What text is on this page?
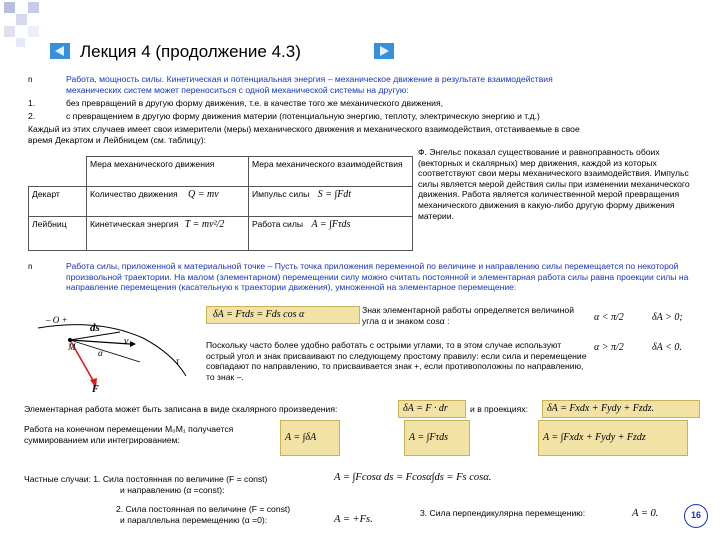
Лекция 4 (продолжение 4.3)
n	Работа, мощность силы. Кинетическая и потенциальная энергия – механическое движение в результате взаимодействия
механических систем может переноситься с одной механической системы на другую:
1.	без превращений в другую форму движения, т.е. в качестве того же механического движения,
2.	с превращением в другую форму движения материи (потенциальную энергию, теплоту, электрическую энергию и т.д.)
Каждый из этих случаев имеет свои измерители (меры) механического движения и механического взаимодействия, отстаиваемые в свое
время Декартом и Лейбницем (см. таблицу):
	Мера механического движения	Мера механического взаимодействия
Декарт	Количество движения Q = mv	Импульс силы S = ∫Fdt
Лейбниц	Кинетическая энергия T = mv²/2	Работа силы A = ∫Fτds
Ф. Энгельс показал существование и равноправность обоих (векторных и скалярных) мер движения, каждой из которых соответствуют свои меры механического взаимодействия. Импульс силы является мерой действия силы при изменении механического движения. Работа является количественной мерой превращения механического движения в какую-либо другую форму движения материи.
n	Работа силы, приложенной к материальной точке – Пусть точка приложения переменной по величине и направлению силы перемещается по некоторой произвольной траектории. На малом (элементарном) перемещении силу можно считать постоянной и элементарная работа силы равна проекции силы на направление перемещения (касательную к траектории движения), умноженной на элементарное перемещение:
– O +
ds
v
α
M
τ
F
δA = Fτds = Fds cos α	Знак элементарной работы определяется величиной угла α и знаком cosα :	α < π/2	δA > 0;
α > π/2	δA < 0.
Поскольку часто более удобно работать с острыми углами, то в этом случае используют острый угол и знак присваивают по следующему простому правилу: если сила и перемещение совпадают по направлению, то присваивается знак +, если противоположны по направлению, то знак –.
Элементарная работа может быть записана в виде скалярного произведения:	δA = F · dr	и в проекциях:	δA = Fxdx + Fydy + Fzdz.
Работа на конечном перемещении M₀M₁ получается суммированием или интегрированием:	A = ∫δA	A = ∫Fτds	A = ∫Fxdx + Fydy + Fzdz
Частные случаи: 1. Сила постоянная по величине (F = const)
и направлению (α =const):
A = ∫Fcosα ds = Fcosα∫ds = Fs cosα.
2. Сила постоянная по величине (F = const)
и параллельна перемещению (α =0):	A = +Fs.
3. Сила перпендикулярна перемещению:	A = 0.	16
